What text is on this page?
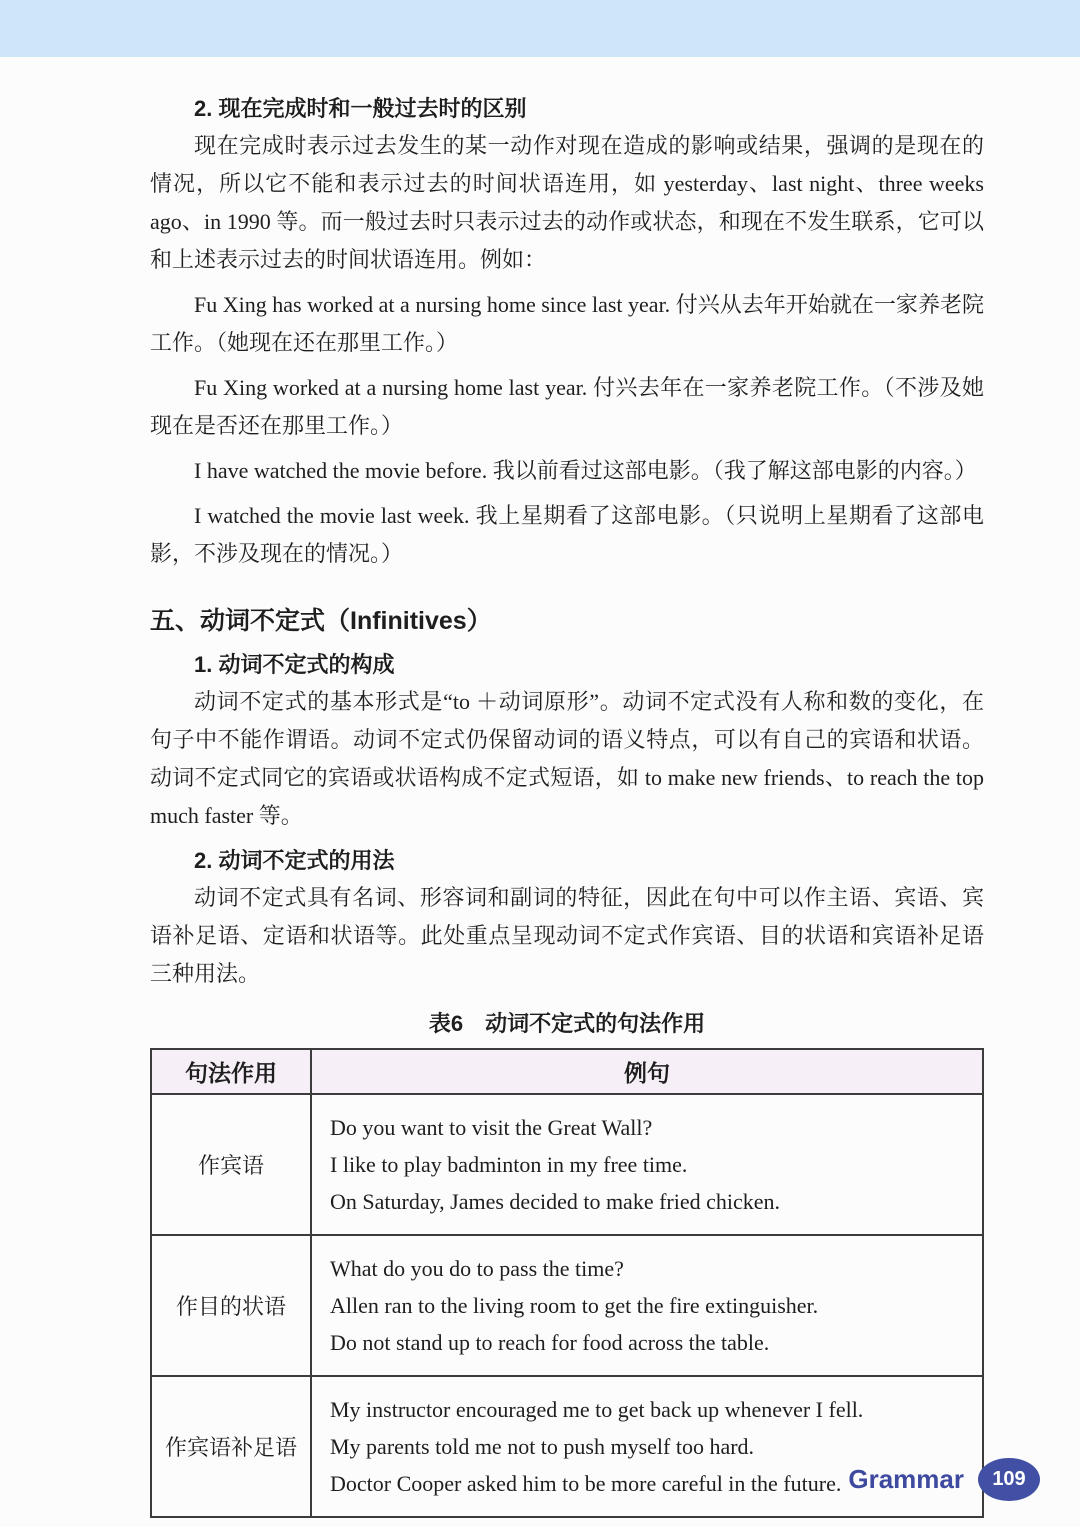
2. 现在完成时和一般过去时的区别

现在完成时表示过去发生的某一动作对现在造成的影响或结果，强调的是现在的情况，所以它不能和表示过去的时间状语连用，如 yesterday、last night、three weeks ago、in 1990 等。而一般过去时只表示过去的动作或状态，和现在不发生联系，它可以和上述表示过去的时间状语连用。例如：

Fu Xing has worked at a nursing home since last year. 付兴从去年开始就在一家养老院工作。（她现在还在那里工作。）

Fu Xing worked at a nursing home last year. 付兴去年在一家养老院工作。（不涉及她现在是否还在那里工作。）

I have watched the movie before. 我以前看过这部电影。（我了解这部电影的内容。）

I watched the movie last week. 我上星期看了这部电影。（只说明上星期看了这部电影，不涉及现在的情况。）

五、动词不定式（Infinitives）
1. 动词不定式的构成

动词不定式的基本形式是“to ＋动词原形”。动词不定式没有人称和数的变化，在句子中不能作谓语。动词不定式仍保留动词的语义特点，可以有自己的宾语和状语。动词不定式同它的宾语或状语构成不定式短语，如 to make new friends、to reach the top much faster 等。

2. 动词不定式的用法

动词不定式具有名词、形容词和副词的特征，因此在句中可以作主语、宾语、宾语补足语、定语和状语等。此处重点呈现动词不定式作宾语、目的状语和宾语补足语三种用法。

表6　动词不定式的句法作用
句法作用	例句
作宾语	Do you want to visit the Great Wall?
I like to play badminton in my free time.
On Saturday, James decided to make fried chicken.

作目的状语	What do you do to pass the time?
Allen ran to the living room to get the fire extinguisher.
Do not stand up to reach for food across the table.

作宾语补足语	My instructor encouraged me to get back up whenever I fell.
My parents told me not to push myself too hard.
Doctor Cooper asked him to be more careful in the future. Grammar	109
